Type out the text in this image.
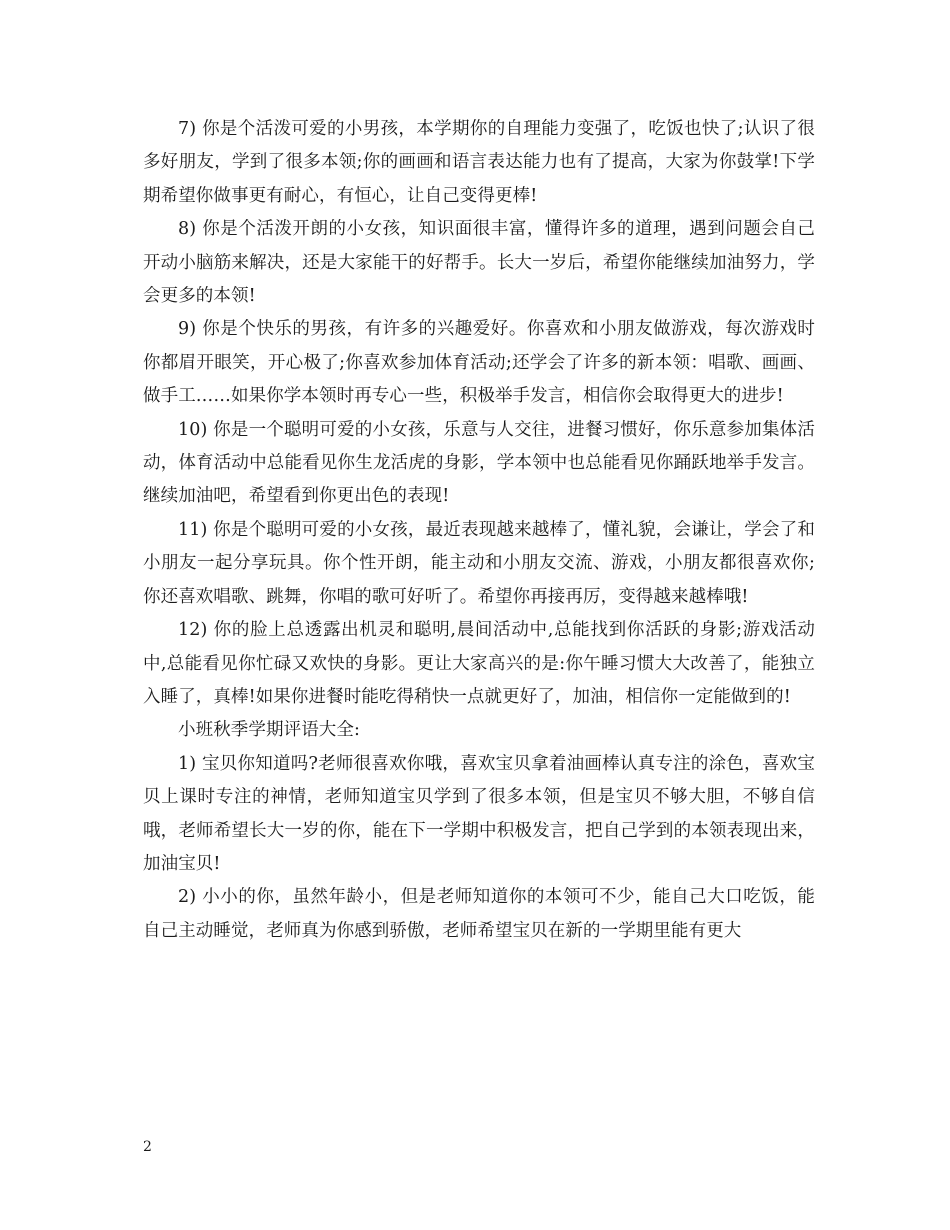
7) 你是个活泼可爱的小男孩，本学期你的自理能力变强了，吃饭也快了;认识了很多好朋友，学到了很多本领;你的画画和语言表达能力也有了提高，大家为你鼓掌!下学期希望你做事更有耐心，有恒心，让自己变得更棒!

8) 你是个活泼开朗的小女孩，知识面很丰富，懂得许多的道理，遇到问题会自己开动小脑筋来解决，还是大家能干的好帮手。长大一岁后，希望你能继续加油努力，学会更多的本领!

9) 你是个快乐的男孩，有许多的兴趣爱好。你喜欢和小朋友做游戏，每次游戏时你都眉开眼笑，开心极了;你喜欢参加体育活动;还学会了许多的新本领：唱歌、画画、做手工……如果你学本领时再专心一些，积极举手发言，相信你会取得更大的进步!

10) 你是一个聪明可爱的小女孩，乐意与人交往，进餐习惯好，你乐意参加集体活动，体育活动中总能看见你生龙活虎的身影，学本领中也总能看见你踊跃地举手发言。继续加油吧，希望看到你更出色的表现!

11) 你是个聪明可爱的小女孩，最近表现越来越棒了，懂礼貌，会谦让，学会了和小朋友一起分享玩具。你个性开朗，能主动和小朋友交流、游戏，小朋友都很喜欢你;你还喜欢唱歌、跳舞，你唱的歌可好听了。希望你再接再厉，变得越来越棒哦!

12) 你的脸上总透露出机灵和聪明,晨间活动中,总能找到你活跃的身影;游戏活动中,总能看见你忙碌又欢快的身影。更让大家高兴的是:你午睡习惯大大改善了，能独立入睡了，真棒!如果你进餐时能吃得稍快一点就更好了，加油，相信你一定能做到的!

小班秋季学期评语大全:

1) 宝贝你知道吗?老师很喜欢你哦，喜欢宝贝拿着油画棒认真专注的涂色，喜欢宝贝上课时专注的神情，老师知道宝贝学到了很多本领，但是宝贝不够大胆，不够自信哦，老师希望长大一岁的你，能在下一学期中积极发言，把自己学到的本领表现出来，加油宝贝!

2) 小小的你，虽然年龄小，但是老师知道你的本领可不少，能自己大口吃饭，能自己主动睡觉，老师真为你感到骄傲，老师希望宝贝在新的一学期里能有更大

2
